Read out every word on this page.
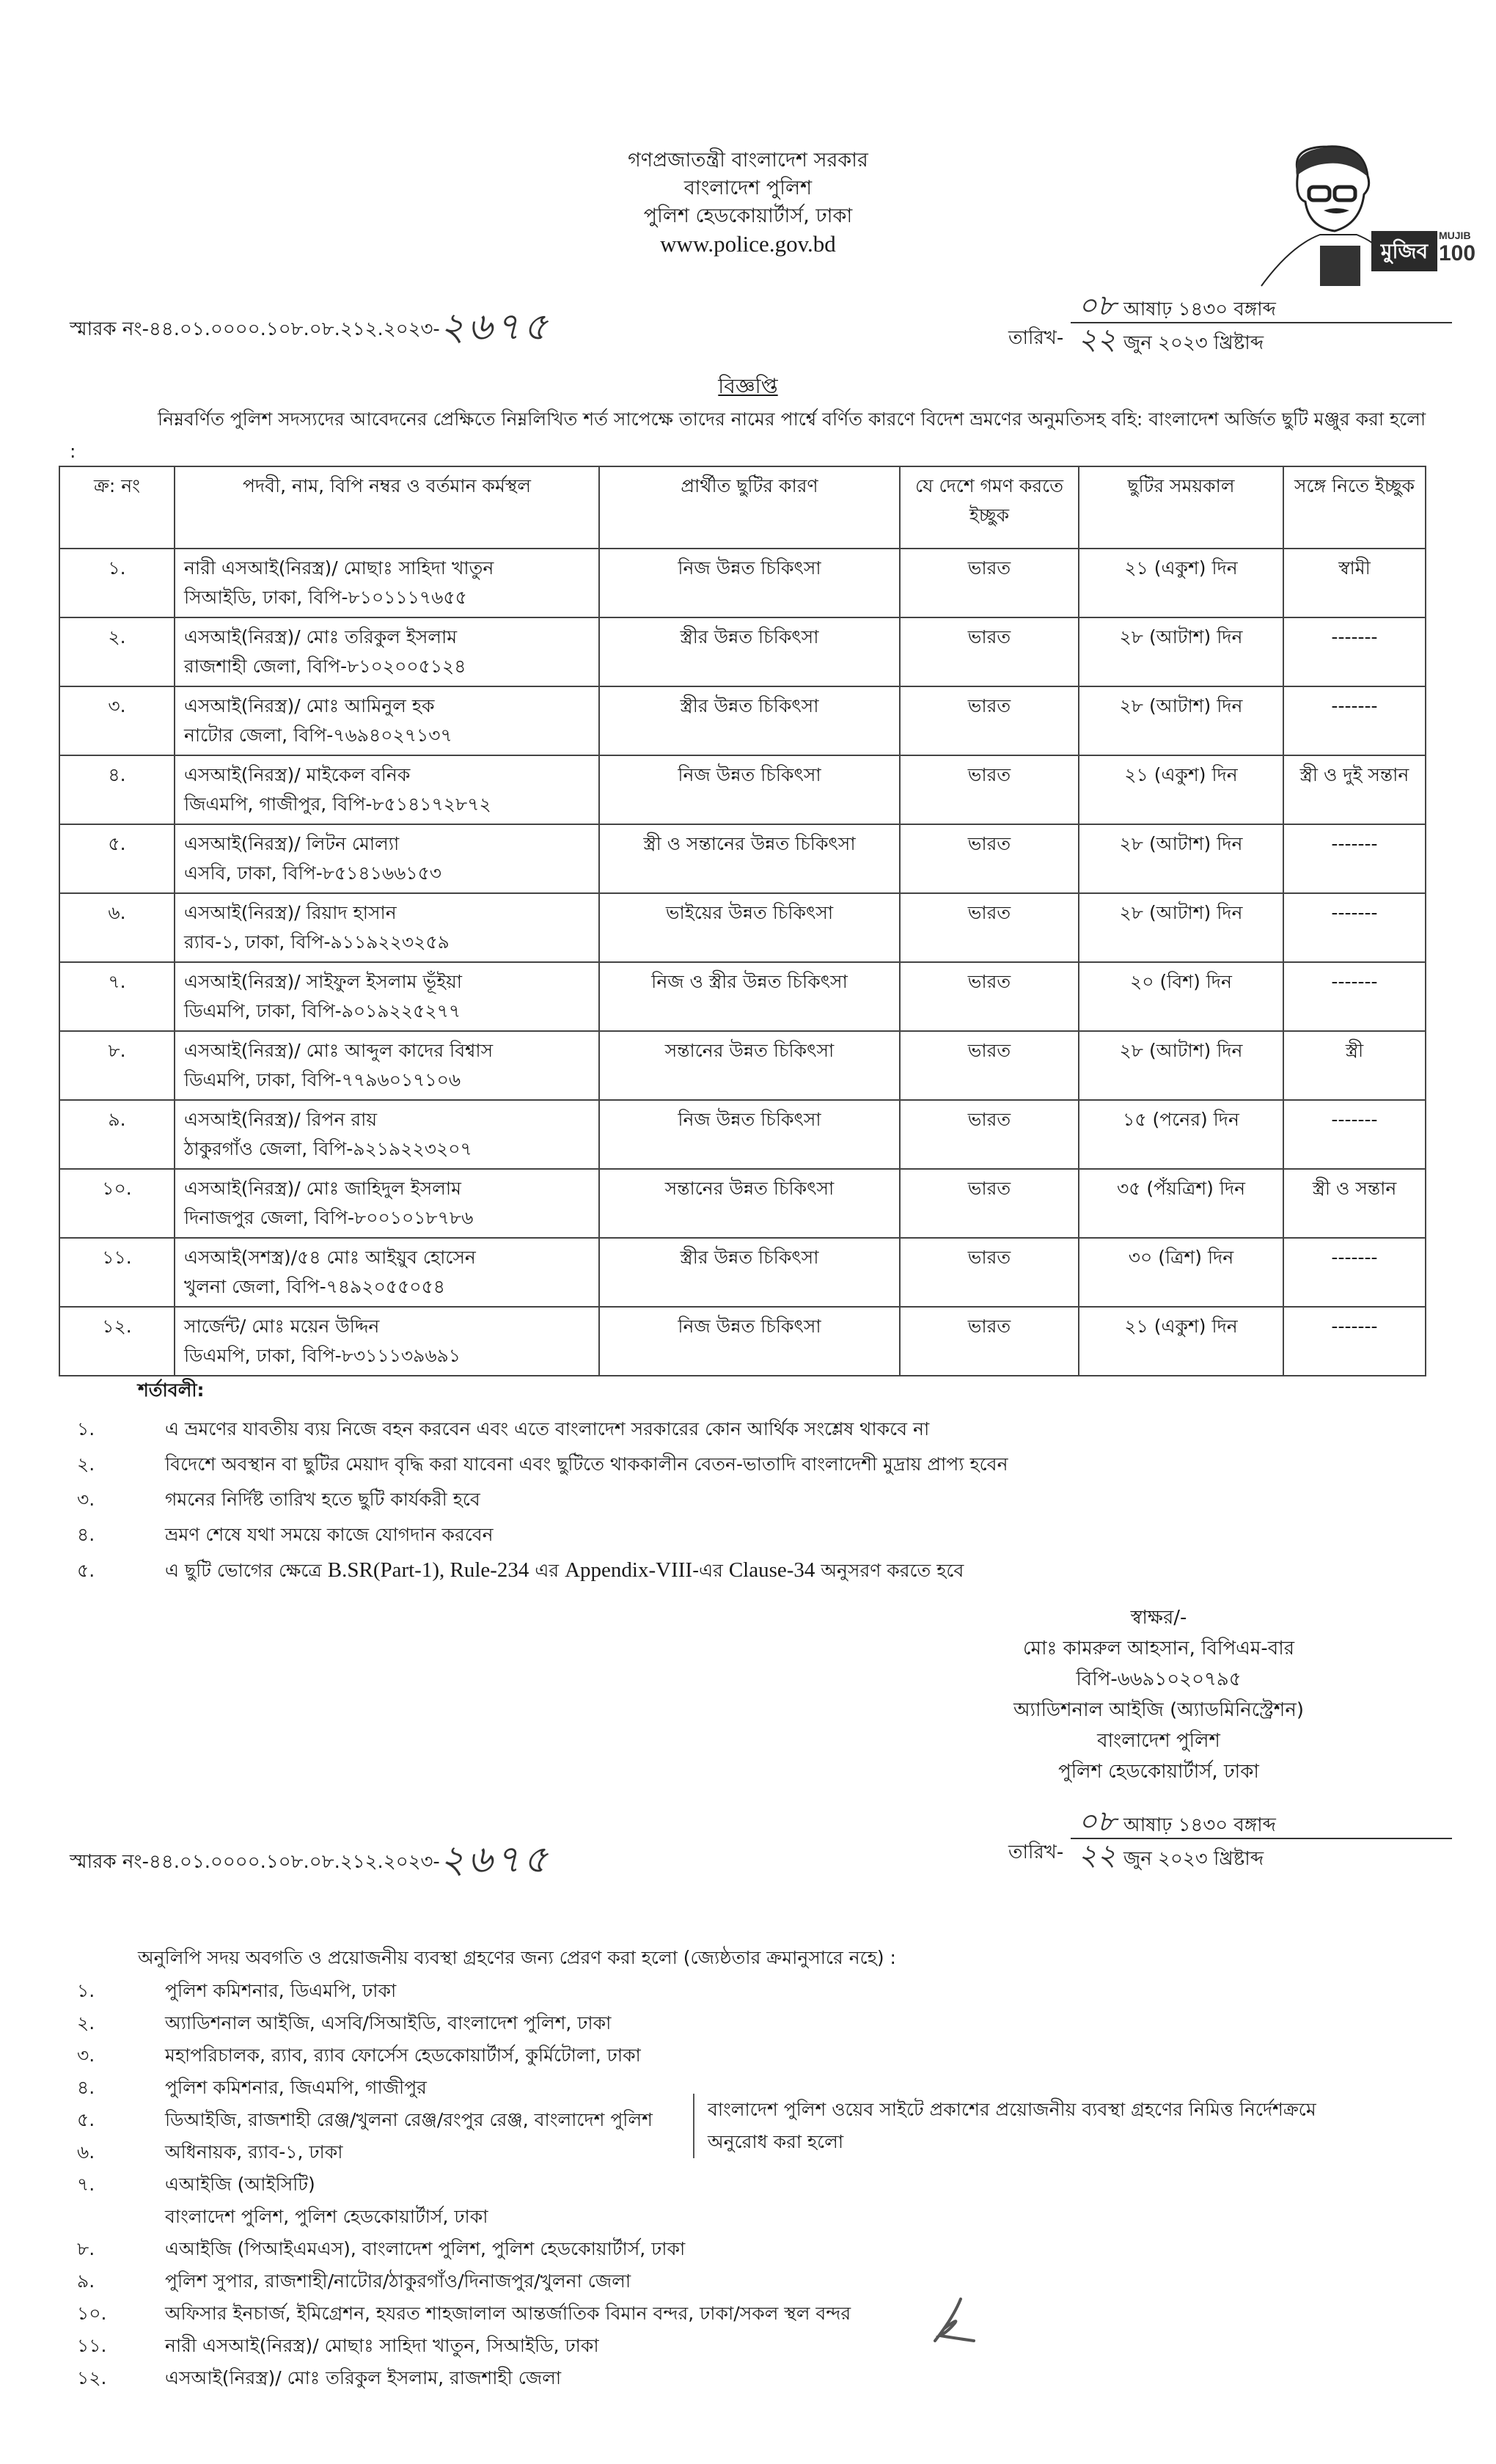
গণপ্রজাতন্ত্রী বাংলাদেশ সরকার
বাংলাদেশ পুলিশ
পুলিশ হেডকোয়ার্টার্স, ঢাকা
www.police.gov.bd	মুজিব
MUJIB
100
স্মারক নং-৪৪.০১.০০০০.১০৮.০৮.২১২.২০২৩-২৬৭৫	তারিখ-
০৮ আষাঢ় ১৪৩০ বঙ্গাব্দ
২২ জুন ২০২৩ খ্রিষ্টাব্দ
বিজ্ঞপ্তি
নিম্নবর্ণিত পুলিশ সদস্যদের আবেদনের প্রেক্ষিতে নিম্নলিখিত শর্ত সাপেক্ষে তাদের নামের পার্শ্বে বর্ণিত কারণে বিদেশ ভ্রমণের অনুমতিসহ বহি: বাংলাদেশ অর্জিত ছুটি মঞ্জুর করা হলো :
ক্র: নং	পদবী, নাম, বিপি নম্বর ও বর্তমান কর্মস্থল	প্রার্থীত ছুটির কারণ	যে দেশে গমণ করতে ইচ্ছুক	ছুটির সময়কাল	সঙ্গে নিতে ইচ্ছুক
১.	নারী এসআই(নিরস্ত্র)/ মোছাঃ সাহিদা খাতুন
সিআইডি, ঢাকা, বিপি-৮১০১১১৭৬৫৫	নিজ উন্নত চিকিৎসা	ভারত	২১ (একুশ) দিন	স্বামী
২.	এসআই(নিরস্ত্র)/ মোঃ তরিকুল ইসলাম
রাজশাহী জেলা, বিপি-৮১০২০০৫১২৪	স্ত্রীর উন্নত চিকিৎসা	ভারত	২৮ (আটাশ) দিন	-------
৩.	এসআই(নিরস্ত্র)/ মোঃ আমিনুল হক
নাটোর জেলা, বিপি-৭৬৯৪০২৭১৩৭	স্ত্রীর উন্নত চিকিৎসা	ভারত	২৮ (আটাশ) দিন	-------
৪.	এসআই(নিরস্ত্র)/ মাইকেল বনিক
জিএমপি, গাজীপুর, বিপি-৮৫১৪১৭২৮৭২	নিজ উন্নত চিকিৎসা	ভারত	২১ (একুশ) দিন	স্ত্রী ও দুই সন্তান
৫.	এসআই(নিরস্ত্র)/ লিটন মোল্যা
এসবি, ঢাকা, বিপি-৮৫১৪১৬৬১৫৩	স্ত্রী ও সন্তানের উন্নত চিকিৎসা	ভারত	২৮ (আটাশ) দিন	-------
৬.	এসআই(নিরস্ত্র)/ রিয়াদ হাসান
র‌্যাব-১, ঢাকা, বিপি-৯১১৯২২৩২৫৯	ভাইয়ের উন্নত চিকিৎসা	ভারত	২৮ (আটাশ) দিন	-------
৭.	এসআই(নিরস্ত্র)/ সাইফুল ইসলাম ভূঁইয়া
ডিএমপি, ঢাকা, বিপি-৯০১৯২২৫২৭৭	নিজ ও স্ত্রীর উন্নত চিকিৎসা	ভারত	২০ (বিশ) দিন	-------
৮.	এসআই(নিরস্ত্র)/ মোঃ আব্দুল কাদের বিশ্বাস
ডিএমপি, ঢাকা, বিপি-৭৭৯৬০১৭১০৬	সন্তানের উন্নত চিকিৎসা	ভারত	২৮ (আটাশ) দিন	স্ত্রী
৯.	এসআই(নিরস্ত্র)/ রিপন রায়
ঠাকুরগাঁও জেলা, বিপি-৯২১৯২২৩২০৭	নিজ উন্নত চিকিৎসা	ভারত	১৫ (পনের) দিন	-------
১০.	এসআই(নিরস্ত্র)/ মোঃ জাহিদুল ইসলাম
দিনাজপুর জেলা, বিপি-৮০০১০১৮৭৮৬	সন্তানের উন্নত চিকিৎসা	ভারত	৩৫ (পঁয়ত্রিশ) দিন	স্ত্রী ও সন্তান
১১.	এসআই(সশস্ত্র)/৫৪ মোঃ আইয়ুব হোসেন
খুলনা জেলা, বিপি-৭৪৯২০৫৫০৫৪	স্ত্রীর উন্নত চিকিৎসা	ভারত	৩০ (ত্রিশ) দিন	-------
১২.	সার্জেন্ট/ মোঃ ময়েন উদ্দিন
ডিএমপি, ঢাকা, বিপি-৮৩১১১৩৯৬৯১	নিজ উন্নত চিকিৎসা	ভারত	২১ (একুশ) দিন	-------
শর্তাবলী:
১.	এ ভ্রমণের যাবতীয় ব্যয় নিজে বহন করবেন এবং এতে বাংলাদেশ সরকারের কোন আর্থিক সংশ্লেষ থাকবে না
২.	বিদেশে অবস্থান বা ছুটির মেয়াদ বৃদ্ধি করা যাবেনা এবং ছুটিতে থাককালীন বেতন-ভাতাদি বাংলাদেশী মুদ্রায় প্রাপ্য হবেন
৩.	গমনের নির্দিষ্ট তারিখ হতে ছুটি কার্যকরী হবে
৪.	ভ্রমণ শেষে যথা সময়ে কাজে যোগদান করবেন
৫.	এ ছুটি ভোগের ক্ষেত্রে B.SR(Part-1), Rule-234 এর Appendix-VIII-এর Clause-34 অনুসরণ করতে হবে
স্বাক্ষর/-
মোঃ কামরুল আহসান, বিপিএম-বার
বিপি-৬৬৯১০২০৭৯৫
অ্যাডিশনাল আইজি (অ্যাডমিনিস্ট্রেশন)
বাংলাদেশ পুলিশ
পুলিশ হেডকোয়ার্টার্স, ঢাকা
স্মারক নং-৪৪.০১.০০০০.১০৮.০৮.২১২.২০২৩-২৬৭৫	তারিখ-
০৮ আষাঢ় ১৪৩০ বঙ্গাব্দ
২২ জুন ২০২৩ খ্রিষ্টাব্দ
অনুলিপি সদয় অবগতি ও প্রয়োজনীয় ব্যবস্থা গ্রহণের জন্য প্রেরণ করা হলো (জ্যেষ্ঠতার ক্রমানুসারে নহে) :
১.	পুলিশ কমিশনার, ডিএমপি, ঢাকা
২.	অ্যাডিশনাল আইজি, এসবি/সিআইডি, বাংলাদেশ পুলিশ, ঢাকা
৩.	মহাপরিচালক, র‌্যাব, র‌্যাব ফোর্সেস হেডকোয়ার্টার্স, কুর্মিটোলা, ঢাকা
৪.	পুলিশ কমিশনার, জিএমপি, গাজীপুর
৫.	ডিআইজি, রাজশাহী রেঞ্জ/খুলনা রেঞ্জ/রংপুর রেঞ্জ, বাংলাদেশ পুলিশ
৬.	অধিনায়ক, র‌্যাব-১, ঢাকা
৭.	এআইজি (আইসিটি)
বাংলাদেশ পুলিশ, পুলিশ হেডকোয়ার্টার্স, ঢাকা
৮.	এআইজি (পিআইএমএস), বাংলাদেশ পুলিশ, পুলিশ হেডকোয়ার্টার্স, ঢাকা
৯.	পুলিশ সুপার, রাজশাহী/নাটোর/ঠাকুরগাঁও/দিনাজপুর/খুলনা জেলা
১০.	অফিসার ইনচার্জ, ইমিগ্রেশন, হযরত শাহজালাল আন্তর্জাতিক বিমান বন্দর, ঢাকা/সকল স্থল বন্দর
১১.	নারী এসআই(নিরস্ত্র)/ মোছাঃ সাহিদা খাতুন, সিআইডি, ঢাকা
১২.	এসআই(নিরস্ত্র)/ মোঃ তরিকুল ইসলাম, রাজশাহী জেলা
বাংলাদেশ পুলিশ ওয়েব সাইটে প্রকাশের প্রয়োজনীয় ব্যবস্থা গ্রহণের নিমিত্ত নির্দেশক্রমে
অনুরোধ করা হলো
